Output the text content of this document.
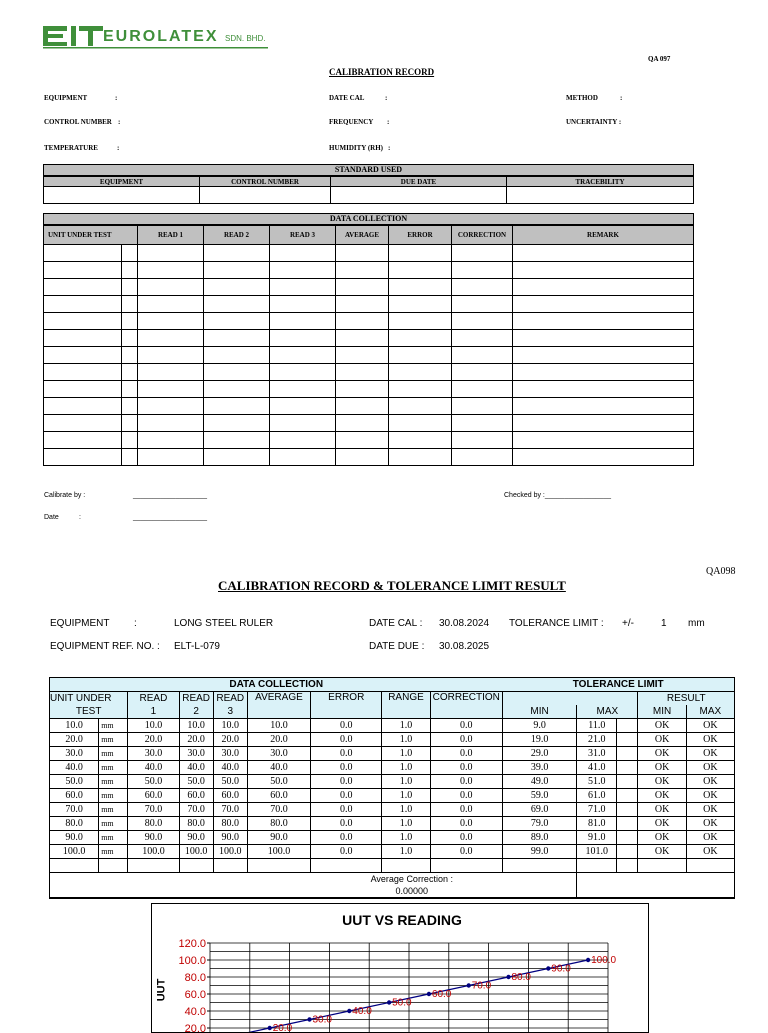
EUROLATEX SDN. BHD.
QA 097
CALIBRATION RECORD
EQUIPMENT	:	DATE CAL	:	METHOD	:
CONTROL NUMBER :	FREQUENCY :	UNCERTAINTY :
TEMPERATURE	:	HUMIDITY (RH) :
STANDARD USED
EQUIPMENT	CONTROL NUMBER	DUE DATE	TRACEBILITY

DATA COLLECTION
UNIT UNDER TEST		READ 1	READ 2	READ 3	AVERAGE	ERROR	CORRECTION	REMARK

Calibrate by :	___________________	Checked by :_________________
Date	:	___________________
QA098
CALIBRATION RECORD & TOLERANCE LIMIT RESULT
EQUIPMENT :	LONG STEEL RULER	DATE CAL : 30.08.2024 TOLERANCE LIMIT : +/-	1 mm
EQUIPMENT REF. NO. : ELT-L-079	DATE DUE : 30.08.2025
DATA COLLECTION									TOLERANCE LIMIT				
UNIT UNDER		READ	READ	READ	AVERAGE	ERROR	RANGE	CORRECTION				RESULT	
TEST		1	2	3					MIN	MAX		MIN	MAX
10.0	mm	10.0	10.0	10.0	10.0	0.0	1.0	0.0	9.0	11.0		OK	OK
20.0	mm	20.0	20.0	20.0	20.0	0.0	1.0	0.0	19.0	21.0		OK	OK
30.0	mm	30.0	30.0	30.0	30.0	0.0	1.0	0.0	29.0	31.0		OK	OK
40.0	mm	40.0	40.0	40.0	40.0	0.0	1.0	0.0	39.0	41.0		OK	OK
50.0	mm	50.0	50.0	50.0	50.0	0.0	1.0	0.0	49.0	51.0		OK	OK
60.0	mm	60.0	60.0	60.0	60.0	0.0	1.0	0.0	59.0	61.0		OK	OK
70.0	mm	70.0	70.0	70.0	70.0	0.0	1.0	0.0	69.0	71.0		OK	OK
80.0	mm	80.0	80.0	80.0	80.0	0.0	1.0	0.0	79.0	81.0		OK	OK
90.0	mm	90.0	90.0	90.0	90.0	0.0	1.0	0.0	89.0	91.0		OK	OK
100.0	mm	100.0	100.0	100.0	100.0	0.0	1.0	0.0	99.0	101.0		OK	OK

					Average Correction :
0.00000								

UUT VS READING
UUT
20.0
40.0
60.0
80.0
100.0
120.0
20.0
30.0
40.0
50.0
60.0
70.0
80.0
90.0
100.0
